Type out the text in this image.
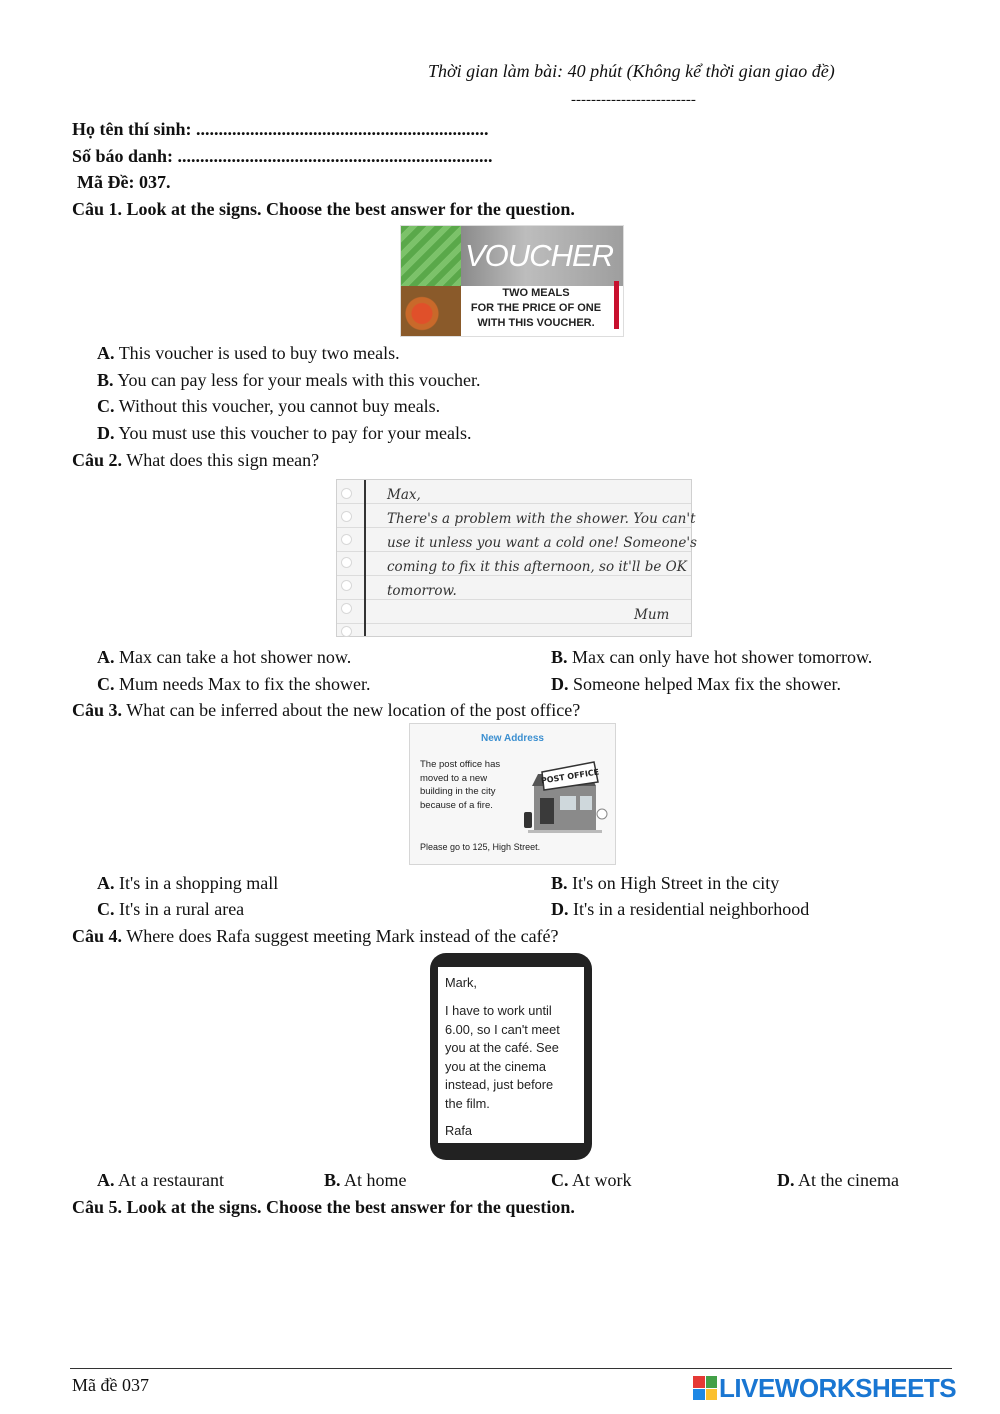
Thời gian làm bài: 40 phút (Không kể thời gian giao đề)
-------------------------
Họ tên thí sinh: .................................................................
Số báo danh: ......................................................................
Mã Đề: 037.
Câu 1. Look at the signs. Choose the best answer for the question.
VOUCHER
TWO MEALS
FOR THE PRICE OF ONE
WITH THIS VOUCHER.
A. This voucher is used to buy two meals.
B. You can pay less for your meals with this voucher.
C. Without this voucher, you cannot buy meals.
D. You must use this voucher to pay for your meals.
Câu 2. What does this sign mean?
Max,
There's a problem with the shower. You can't
use it unless you want a cold one! Someone's
coming to fix it this afternoon, so it'll be OK
tomorrow.
Mum
A. Max can take a hot shower now.	B. Max can only have hot shower tomorrow.
C. Mum needs Max to fix the shower.	D. Someone helped Max fix the shower.
Câu 3. What can be inferred about the new location of the post office?
New Address
The post office has
moved to a new
building in the city
because of a fire.
POST OFFICE
Please go to 125, High Street.
A. It's in a shopping mall	B. It's on High Street in the city
C. It's in a rural area	D. It's in a residential neighborhood
Câu 4. Where does Rafa suggest meeting Mark instead of the café?
Mark,
I have to work until
6.00, so I can't meet
you at the café. See
you at the cinema
instead, just before
the film.
Rafa
A. At a restaurant	B. At home	C. At work	D. At the cinema
Câu 5. Look at the signs. Choose the best answer for the question.
Mã đề 037	LIVEWORKSHEETS
